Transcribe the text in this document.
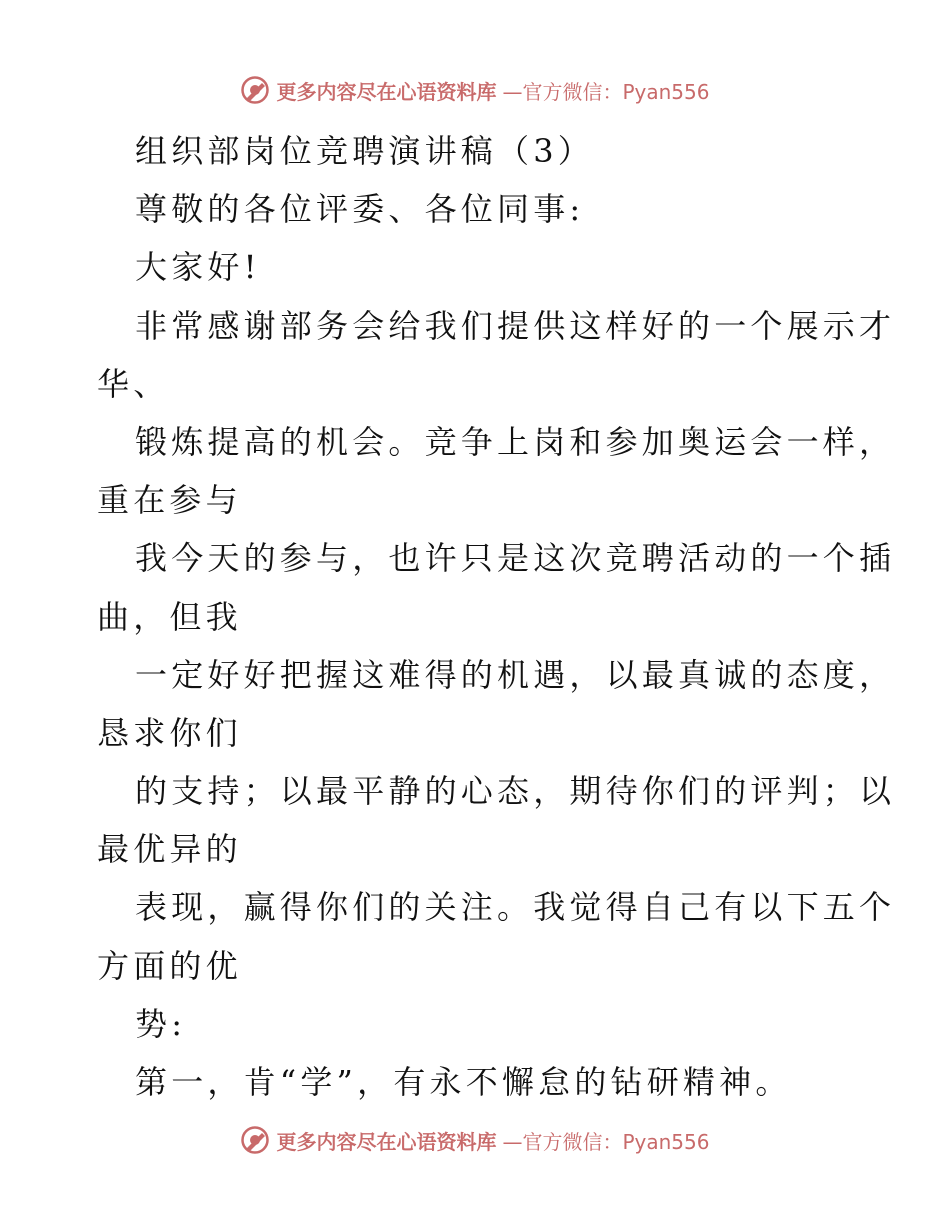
更多内容尽在心语资料库 —官方微信：Pyan556
组织部岗位竞聘演讲稿（3）
尊敬的各位评委、各位同事:
大家好!
非常感谢部务会给我们提供这样好的一个展示才
华、
锻炼提高的机会。竞争上岗和参加奥运会一样，
重在参与
我今天的参与，也许只是这次竞聘活动的一个插
曲，但我
一定好好把握这难得的机遇，以最真诚的态度，
恳求你们
的支持；以最平静的心态，期待你们的评判；以
最优异的
表现，赢得你们的关注。我觉得自己有以下五个
方面的优
势:
第一，肯“学”，有永不懈怠的钻研精神。
更多内容尽在心语资料库 —官方微信：Pyan556
